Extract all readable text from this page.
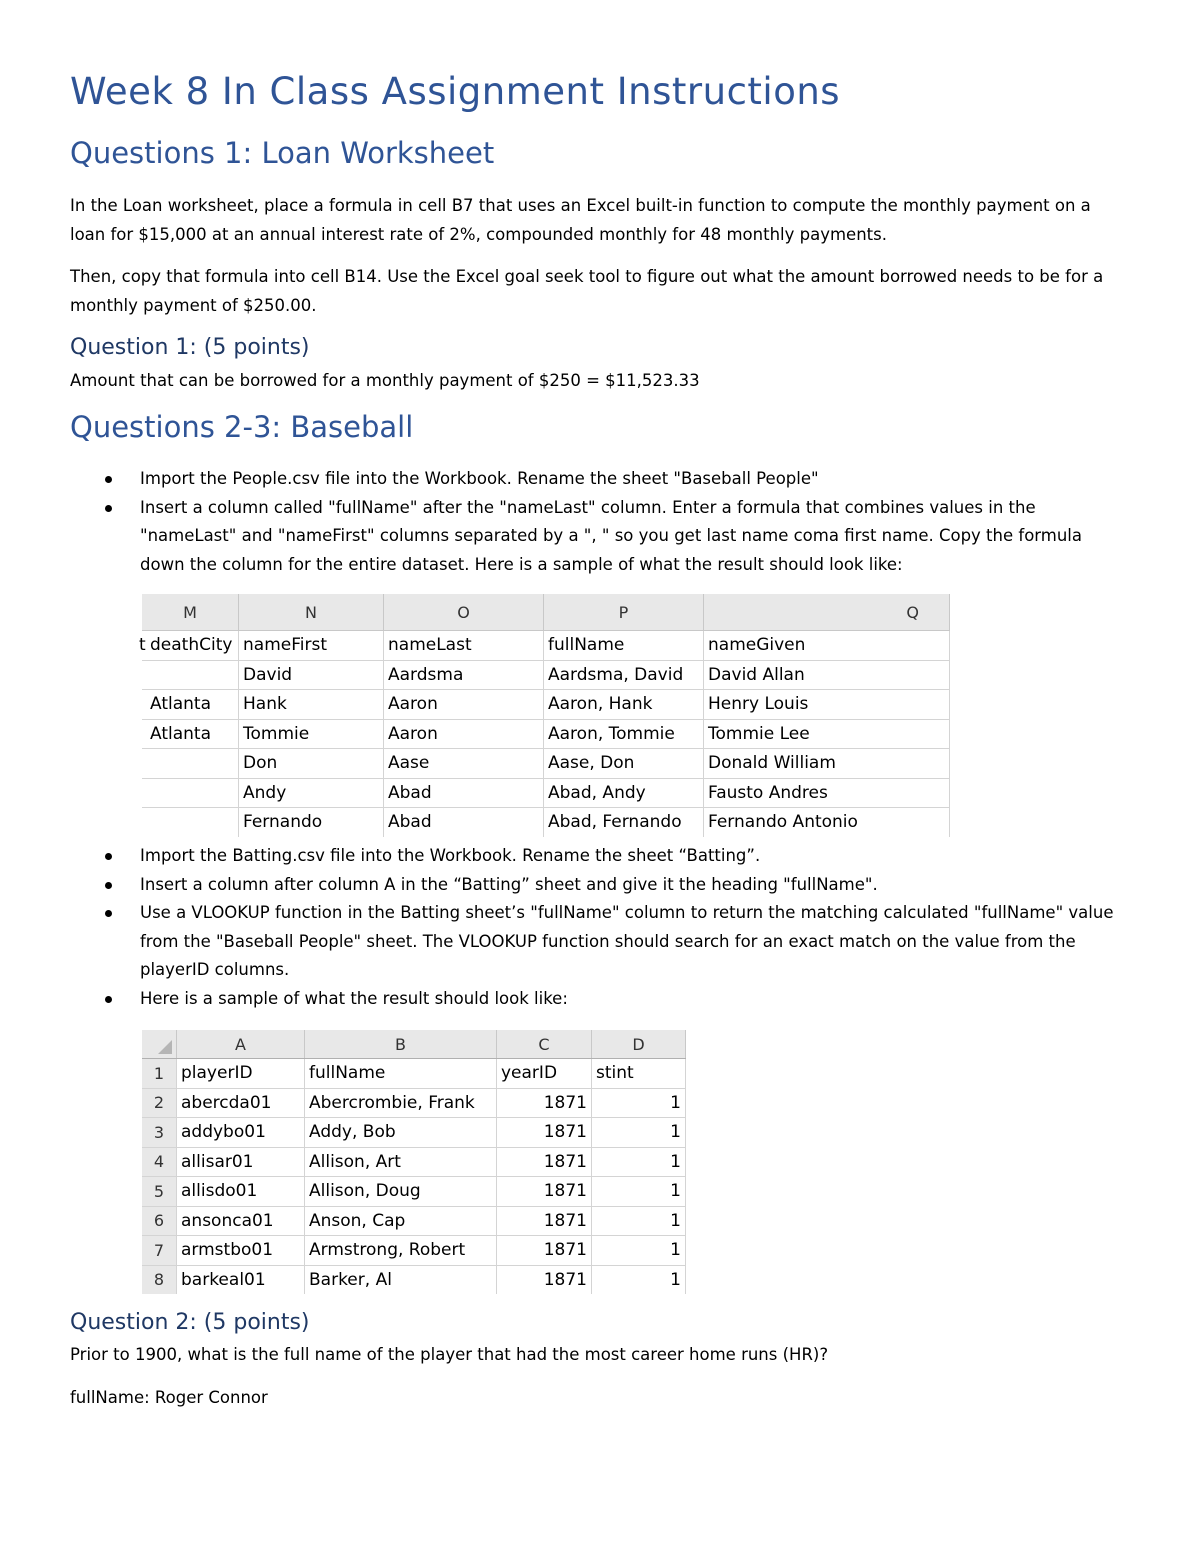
Week 8 In Class Assignment Instructions
Questions 1: Loan Worksheet
In the Loan worksheet, place a formula in cell B7 that uses an Excel built-in function to compute the monthly payment on a loan for $15,000 at an annual interest rate of 2%, compounded monthly for 48 monthly payments.
Then, copy that formula into cell B14. Use the Excel goal seek tool to figure out what the amount borrowed needs to be for a monthly payment of $250.00.
Question 1: (5 points)
Amount that can be borrowed for a monthly payment of $250 = $11,523.33
Questions 2-3: Baseball
Import the People.csv file into the Workbook. Rename the sheet "Baseball People"
Insert a column called "fullName" after the "nameLast" column. Enter a formula that combines values in the "nameLast" and "nameFirst" columns separated by a ", " so you get last name coma first name. Copy the formula down the column for the entire dataset. Here is a sample of what the result should look like:
M	N	O	P	Q

t deathCity	nameFirst	nameLast	fullName	nameGiven
	David	Aardsma	Aardsma, David	David Allan
Atlanta	Hank	Aaron	Aaron, Hank	Henry Louis
Atlanta	Tommie	Aaron	Aaron, Tommie	Tommie Lee
	Don	Aase	Aase, Don	Donald William
	Andy	Abad	Abad, Andy	Fausto Andres
	Fernando	Abad	Abad, Fernando	Fernando Antonio
Import the Batting.csv file into the Workbook. Rename the sheet “Batting”.
Insert a column after column A in the “Batting” sheet and give it the heading "fullName".
Use a VLOOKUP function in the Batting sheet’s "fullName" column to return the matching calculated "fullName" value from the "Baseball People" sheet. The VLOOKUP function should search for an exact match on the value from the playerID columns.
Here is a sample of what the result should look like:
	A	B	C	D
1	playerID	fullName	yearID	stint
2	abercda01	Abercrombie, Frank	1871	1
3	addybo01	Addy, Bob	1871	1
4	allisar01	Allison, Art	1871	1
5	allisdo01	Allison, Doug	1871	1
6	ansonca01	Anson, Cap	1871	1
7	armstbo01	Armstrong, Robert	1871	1
8	barkeal01	Barker, Al	1871	1
Question 2: (5 points)
Prior to 1900, what is the full name of the player that had the most career home runs (HR)?
fullName: Roger Connor
